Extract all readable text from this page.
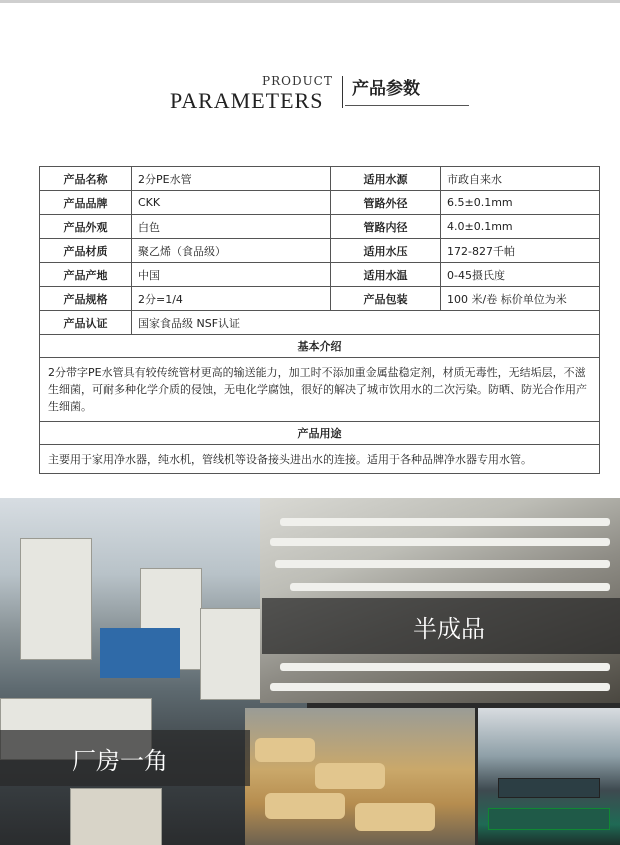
PRODUCT
PARAMETERS 产品参数
产品名称	2分PE水管	适用水源	市政自来水
产品品牌	CKK	管路外径	6.5±0.1mm
产品外观	白色	管路内径	4.0±0.1mm
产品材质	聚乙烯（食品级）	适用水压	172-827千帕
产品产地	中国	适用水温	0-45摄氏度
产品规格	2分=1/4	产品包装	100 米/卷 标价单位为米
产品认证	国家食品级 NSF认证		
基本介绍			
2分带字PE水管具有较传统管材更高的输送能力，加工时不添加重金属盐稳定剂，材质无毒性，无结垢层，不滋生细菌，可耐多种化学介质的侵蚀，无电化学腐蚀，很好的解决了城市饮用水的二次污染。防晒、防光合作用产生细菌。			
产品用途			
主要用于家用净水器，纯水机，管线机等设备接头进出水的连接。适用于各种品牌净水器专用水管。			
半成品
厂房一角
